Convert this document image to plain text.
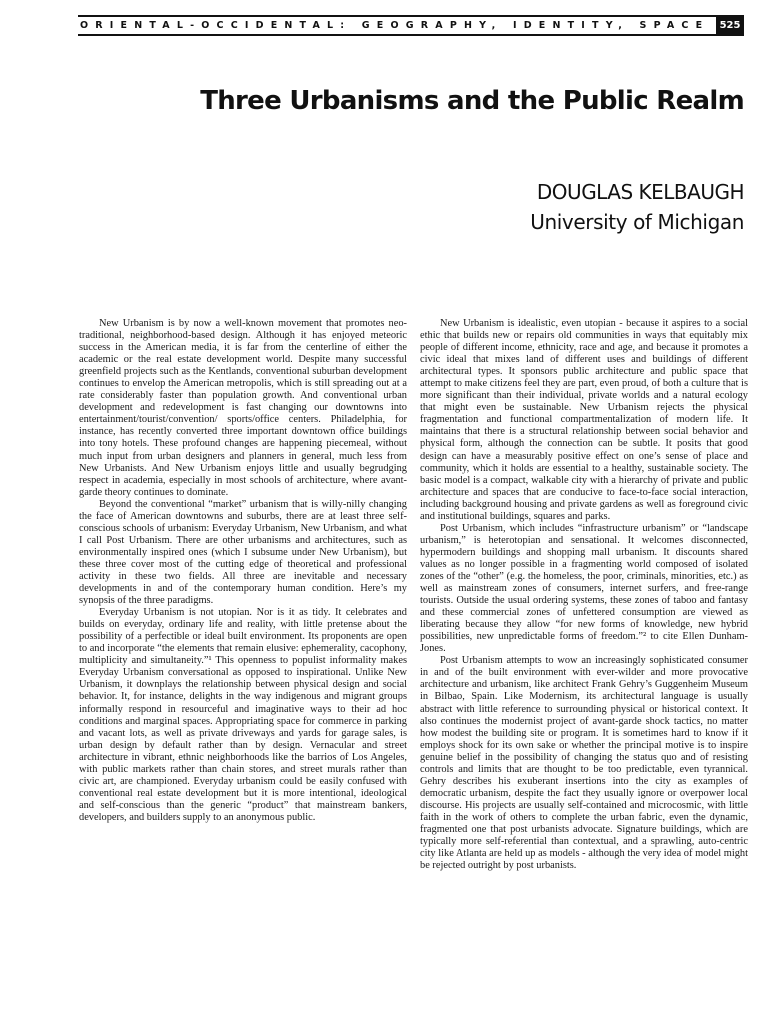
ORIENTAL-OCCIDENTAL: GEOGRAPHY, IDENTITY, SPACE	525
Three Urbanisms and the Public Realm
DOUGLAS KELBAUGH
University of Michigan

New Urbanism is by now a well-known movement that promotes neo-traditional, neighborhood-based design. Although it has enjoyed meteoric success in the American media, it is far from the centerline of either the academic or the real estate development world. Despite many successful greenfield projects such as the Kentlands, conventional suburban development continues to envelop the American metropolis, which is still spreading out at a rate considerably faster than population growth. And conventional urban development and redevelopment is fast changing our downtowns into entertainment/tourist/convention/ sports/office centers. Philadelphia, for instance, has recently converted three important downtown office buildings into tony hotels. These profound changes are happening piecemeal, without much input from urban designers and planners in general, much less from New Urbanists. And New Urbanism enjoys little and usually begrudging respect in academia, especially in most schools of architecture, where avant-garde theory continues to dominate.

Beyond the conventional “market” urbanism that is willy-nilly changing the face of American downtowns and suburbs, there are at least three self-conscious schools of urbanism: Everyday Urbanism, New Urbanism, and what I call Post Urbanism. There are other urbanisms and architectures, such as environmentally inspired ones (which I subsume under New Urbanism), but these three cover most of the cutting edge of theoretical and professional activity in these two fields. All three are inevitable and necessary developments in and of the contemporary human condition. Here’s my synopsis of the three paradigms.

Everyday Urbanism is not utopian. Nor is it as tidy. It celebrates and builds on everyday, ordinary life and reality, with little pretense about the possibility of a perfectible or ideal built environment. Its proponents are open to and incorporate “the elements that remain elusive: ephemerality, cacophony, multiplicity and simultaneity.”¹ This openness to populist informality makes Everyday Urbanism conversational as opposed to inspirational. Unlike New Urbanism, it downplays the relationship between physical design and social behavior. It, for instance, delights in the way indigenous and migrant groups informally respond in resourceful and imaginative ways to their ad hoc conditions and marginal spaces. Appropriating space for commerce in parking and vacant lots, as well as private driveways and yards for garage sales, is urban design by default rather than by design. Vernacular and street architecture in vibrant, ethnic neighborhoods like the barrios of Los Angeles, with public markets rather than chain stores, and street murals rather than civic art, are championed. Everyday urbanism could be easily confused with conventional real estate development but it is more intentional, ideological and self-conscious than the generic “product” that mainstream bankers, developers, and builders supply to an anonymous public.

New Urbanism is idealistic, even utopian - because it aspires to a social ethic that builds new or repairs old communities in ways that equitably mix people of different income, ethnicity, race and age, and because it promotes a civic ideal that mixes land of different uses and buildings of different architectural types. It sponsors public architecture and public space that attempt to make citizens feel they are part, even proud, of both a culture that is more significant than their individual, private worlds and a natural ecology that might even be sustainable. New Urbanism rejects the physical fragmentation and functional compartmentalization of modern life. It maintains that there is a structural relationship between social behavior and physical form, although the connection can be subtle. It posits that good design can have a measurably positive effect on one’s sense of place and community, which it holds are essential to a healthy, sustainable society. The basic model is a compact, walkable city with a hierarchy of private and public architecture and spaces that are conducive to face-to-face social interaction, including background housing and private gardens as well as foreground civic and institutional buildings, squares and parks.

Post Urbanism, which includes “infrastructure urbanism” or “landscape urbanism,” is heterotopian and sensational. It welcomes disconnected, hypermodern buildings and shopping mall urbanism. It discounts shared values as no longer possible in a fragmenting world composed of isolated zones of the “other” (e.g. the homeless, the poor, criminals, minorities, etc.) as well as mainstream zones of consumers, internet surfers, and free-range tourists. Outside the usual ordering systems, these zones of taboo and fantasy and these commercial zones of unfettered consumption are viewed as liberating because they allow “for new forms of knowledge, new hybrid possibilities, new unpredictable forms of freedom.”² to cite Ellen Dunham-Jones.

Post Urbanism attempts to wow an increasingly sophisticated consumer in and of the built environment with ever-wilder and more provocative architecture and urbanism, like architect Frank Gehry’s Guggenheim Museum in Bilbao, Spain. Like Modernism, its architectural language is usually abstract with little reference to surrounding physical or historical context. It also continues the modernist project of avant-garde shock tactics, no matter how modest the building site or program. It is sometimes hard to know if it employs shock for its own sake or whether the principal motive is to inspire genuine belief in the possibility of changing the status quo and of resisting controls and limits that are thought to be too predictable, even tyrannical. Gehry describes his exuberant insertions into the city as examples of democratic urbanism, despite the fact they usually ignore or overpower local discourse. His projects are usually self-contained and microcosmic, with little faith in the work of others to complete the urban fabric, even the dynamic, fragmented one that post urbanists advocate. Signature buildings, which are typically more self-referential than contextual, and a sprawling, auto-centric city like Atlanta are held up as models - although the very idea of model might be rejected outright by post urbanists.
